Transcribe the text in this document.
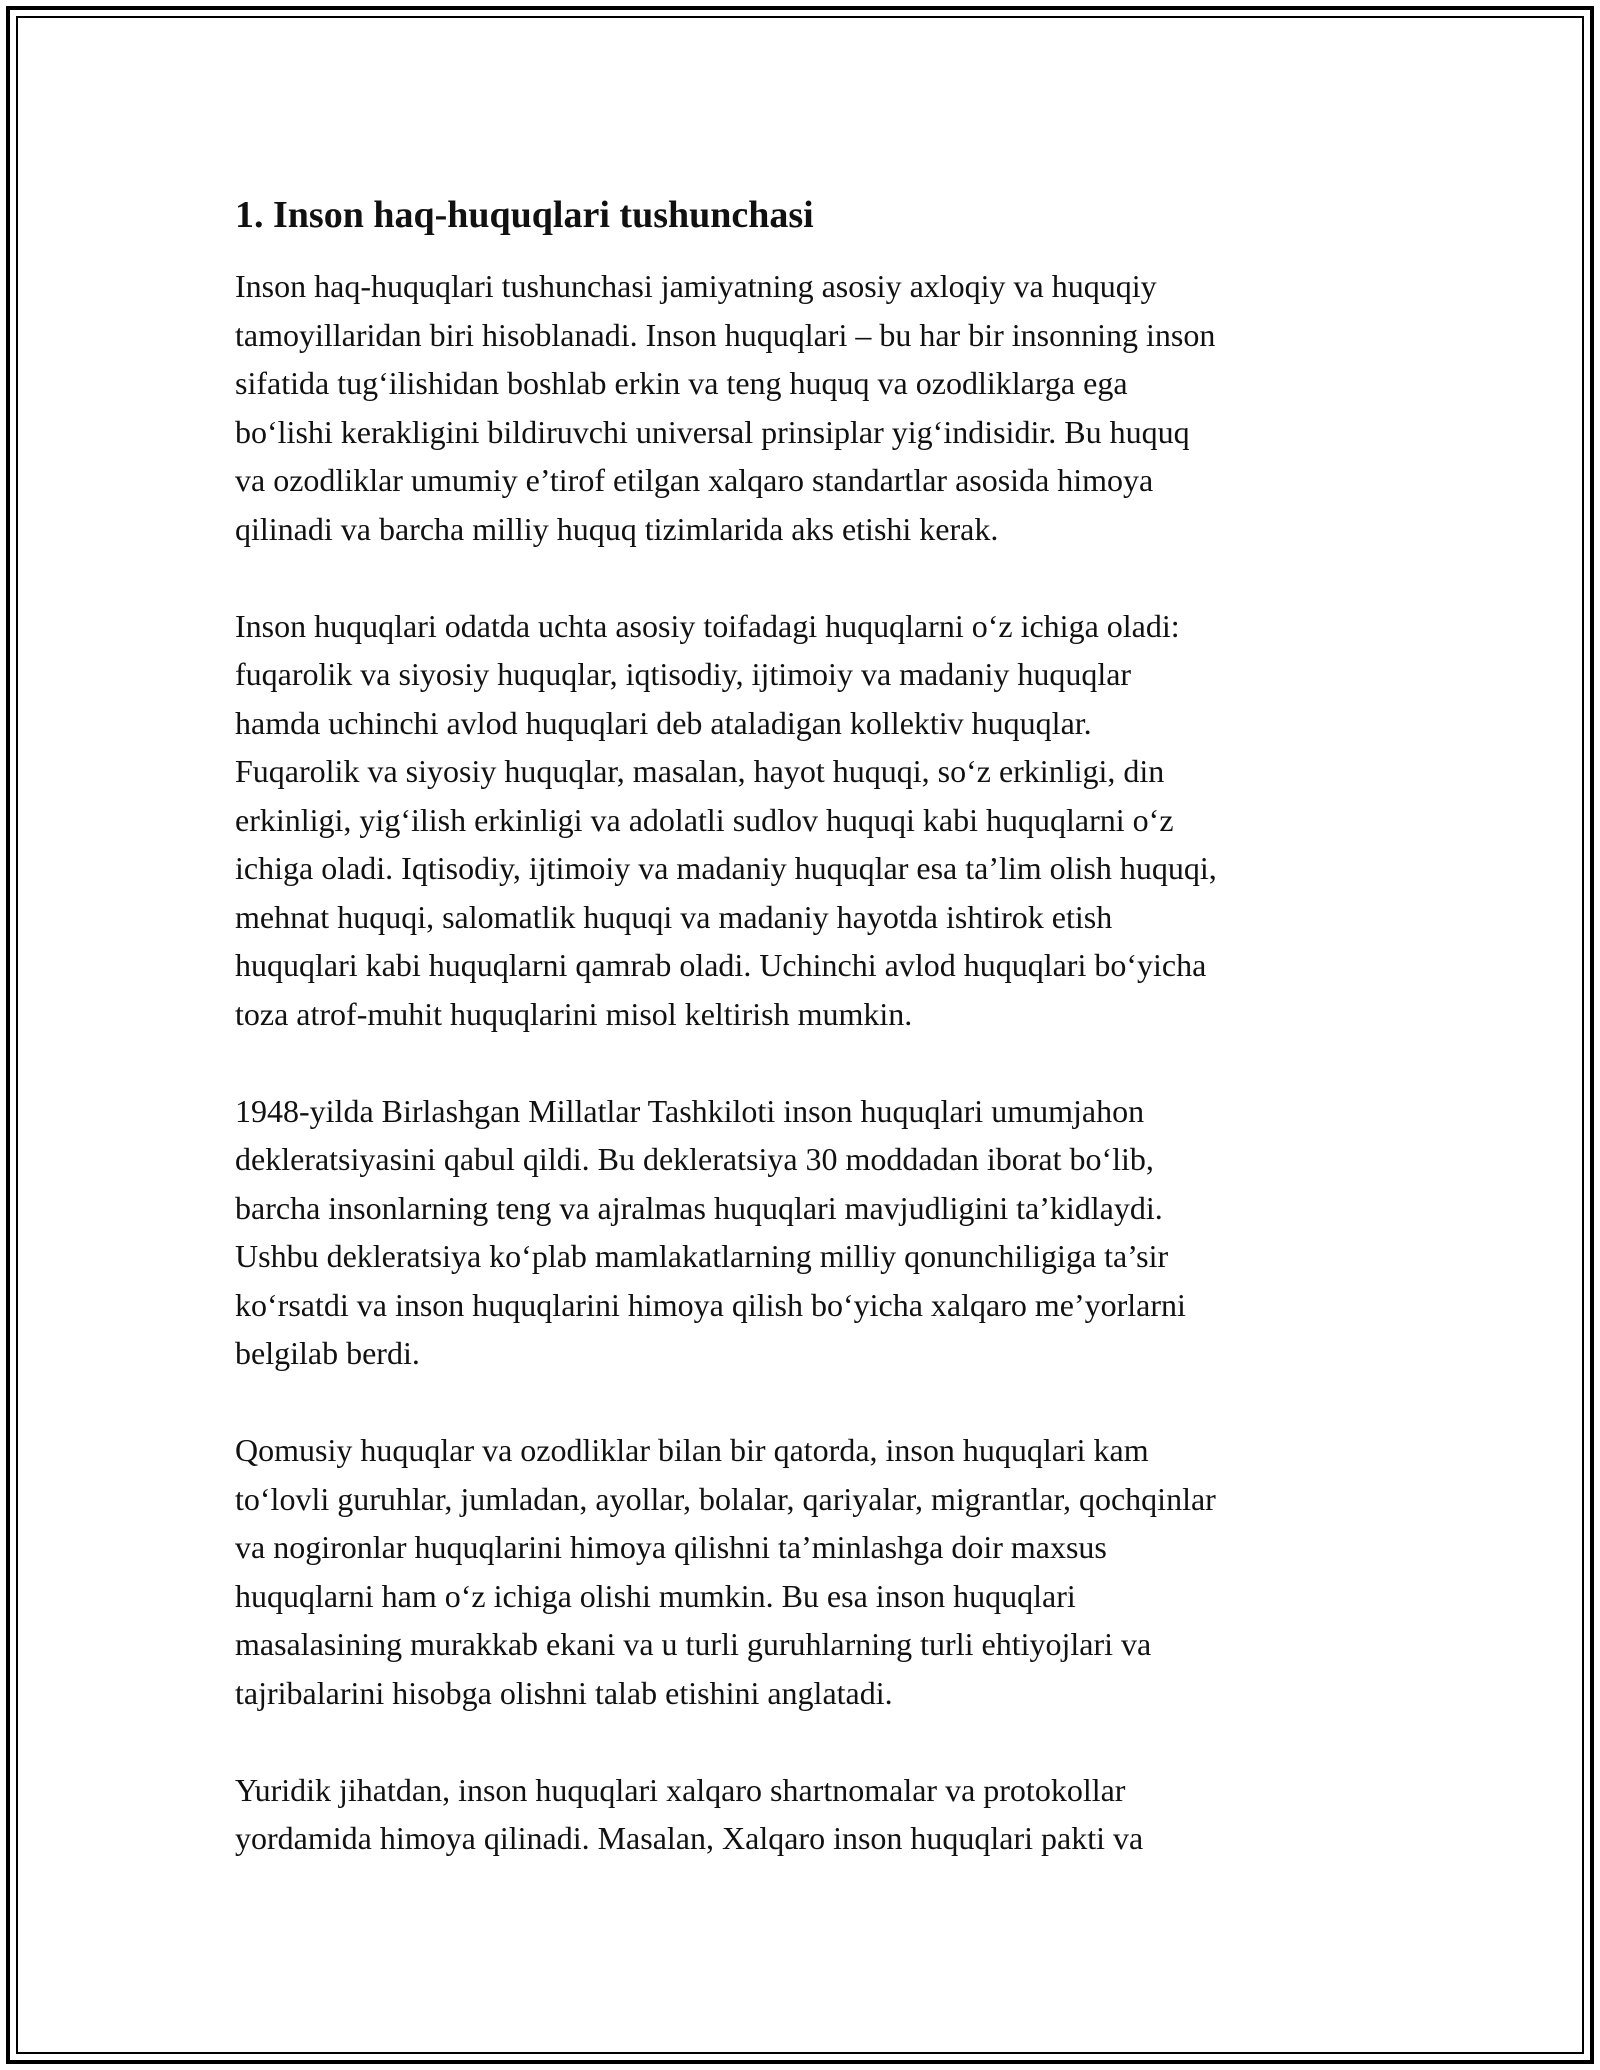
1. Inson haq-huquqlari tushunchasi

Inson haq-huquqlari tushunchasi jamiyatning asosiy axloqiy va huquqiy
tamoyillaridan biri hisoblanadi. Inson huquqlari – bu har bir insonning inson
sifatida tug‘ilishidan boshlab erkin va teng huquq va ozodliklarga ega
bo‘lishi kerakligini bildiruvchi universal prinsiplar yig‘indisidir. Bu huquq
va ozodliklar umumiy e’tirof etilgan xalqaro standartlar asosida himoya
qilinadi va barcha milliy huquq tizimlarida aks etishi kerak.

Inson huquqlari odatda uchta asosiy toifadagi huquqlarni o‘z ichiga oladi:
fuqarolik va siyosiy huquqlar, iqtisodiy, ijtimoiy va madaniy huquqlar
hamda uchinchi avlod huquqlari deb ataladigan kollektiv huquqlar.
Fuqarolik va siyosiy huquqlar, masalan, hayot huquqi, so‘z erkinligi, din
erkinligi, yig‘ilish erkinligi va adolatli sudlov huquqi kabi huquqlarni o‘z
ichiga oladi. Iqtisodiy, ijtimoiy va madaniy huquqlar esa ta’lim olish huquqi,
mehnat huquqi, salomatlik huquqi va madaniy hayotda ishtirok etish
huquqlari kabi huquqlarni qamrab oladi. Uchinchi avlod huquqlari bo‘yicha
toza atrof-muhit huquqlarini misol keltirish mumkin.

1948-yilda Birlashgan Millatlar Tashkiloti inson huquqlari umumjahon
dekleratsiyasini qabul qildi. Bu dekleratsiya 30 moddadan iborat bo‘lib,
barcha insonlarning teng va ajralmas huquqlari mavjudligini ta’kidlaydi.
Ushbu dekleratsiya ko‘plab mamlakatlarning milliy qonunchiligiga ta’sir
ko‘rsatdi va inson huquqlarini himoya qilish bo‘yicha xalqaro me’yorlarni
belgilab berdi.

Qomusiy huquqlar va ozodliklar bilan bir qatorda, inson huquqlari kam
to‘lovli guruhlar, jumladan, ayollar, bolalar, qariyalar, migrantlar, qochqinlar
va nogironlar huquqlarini himoya qilishni ta’minlashga doir maxsus
huquqlarni ham o‘z ichiga olishi mumkin. Bu esa inson huquqlari
masalasining murakkab ekani va u turli guruhlarning turli ehtiyojlari va
tajribalarini hisobga olishni talab etishini anglatadi.

Yuridik jihatdan, inson huquqlari xalqaro shartnomalar va protokollar
yordamida himoya qilinadi. Masalan, Xalqaro inson huquqlari pakti va
